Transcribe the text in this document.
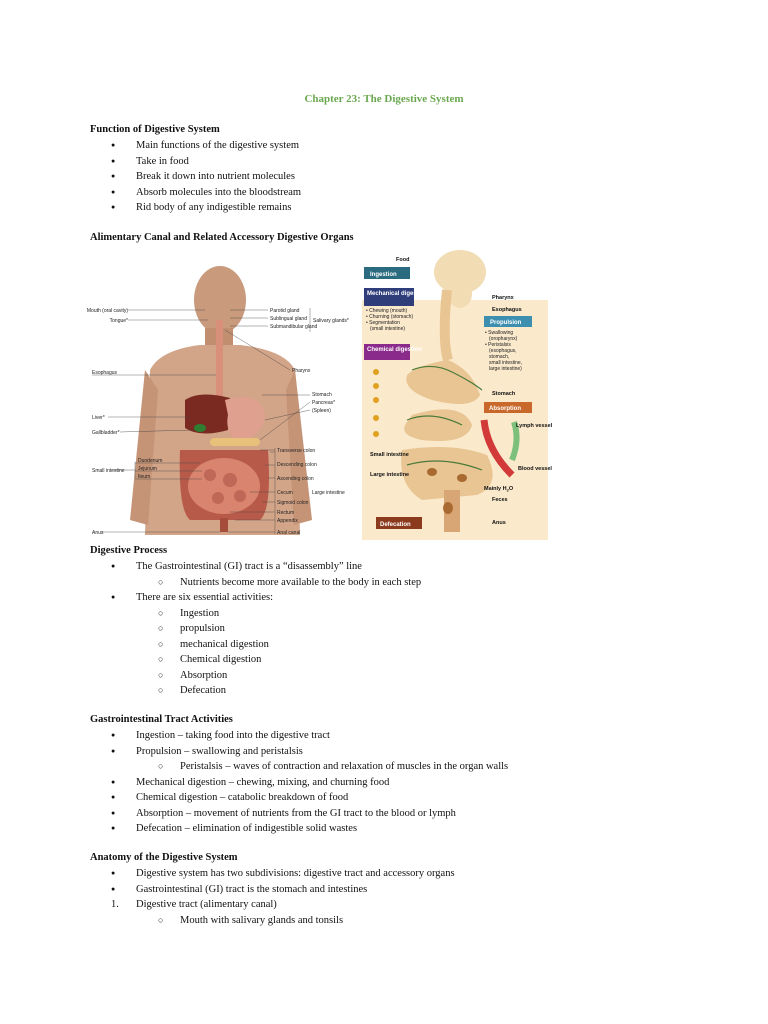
Chapter 23: The Digestive System
Function of Digestive System
● Main functions of the digestive system
● Take in food
● Break it down into nutrient molecules
● Absorb molecules into the bloodstream
● Rid body of any indigestible remains
Alimentary Canal and Related Accessory Digestive Organs
Mouth (oral cavity)
Tongue*
Esophagus
Liver*
Gallbladder*
Small intestine
Duodenum
Jejunum
Ileum
Anus
Parotid gland
Sublingual gland
Submandibular gland
Salivary glands*
Pharynx
Stomach
Pancreas*
(Spleen)
Transverse colon
Descending colon
Ascending colon
Cecum
Sigmoid colon
Rectum
Appendix
Anal canal
Large intestine
Food
Ingestion
Mechanical digestion
• Chewing (mouth)
• Churning (stomach)
• Segmentation
(small intestine)
Chemical digestion
Pharynx
Esophagus
Propulsion
• Swallowing
(oropharynx)
• Peristalsis
(esophagus,
stomach,
small intestine,
large intestine)
Stomach
Absorption
Lymph vessel
Small intestine
Large intestine
Blood vessel
Mainly $H_2O$
Feces
Defecation	Anus
Digestive Process
● The Gastrointestinal (GI) tract is a “disassembly” line
○ Nutrients become more available to the body in each step
● There are six essential activities:
○ Ingestion
○ propulsion
○ mechanical digestion
○ Chemical digestion
○ Absorption
○ Defecation
Gastrointestinal Tract Activities
● Ingestion – taking food into the digestive tract
● Propulsion – swallowing and peristalsis
○ Peristalsis – waves of contraction and relaxation of muscles in the organ walls
● Mechanical digestion – chewing, mixing, and churning food
● Chemical digestion – catabolic breakdown of food
● Absorption – movement of nutrients from the GI tract to the blood or lymph
● Defecation – elimination of indigestible solid wastes
Anatomy of the Digestive System
● Digestive system has two subdivisions: digestive tract and accessory organs
● Gastrointestinal (GI) tract is the stomach and intestines
1. Digestive tract (alimentary canal)
○ Mouth with salivary glands and tonsils
